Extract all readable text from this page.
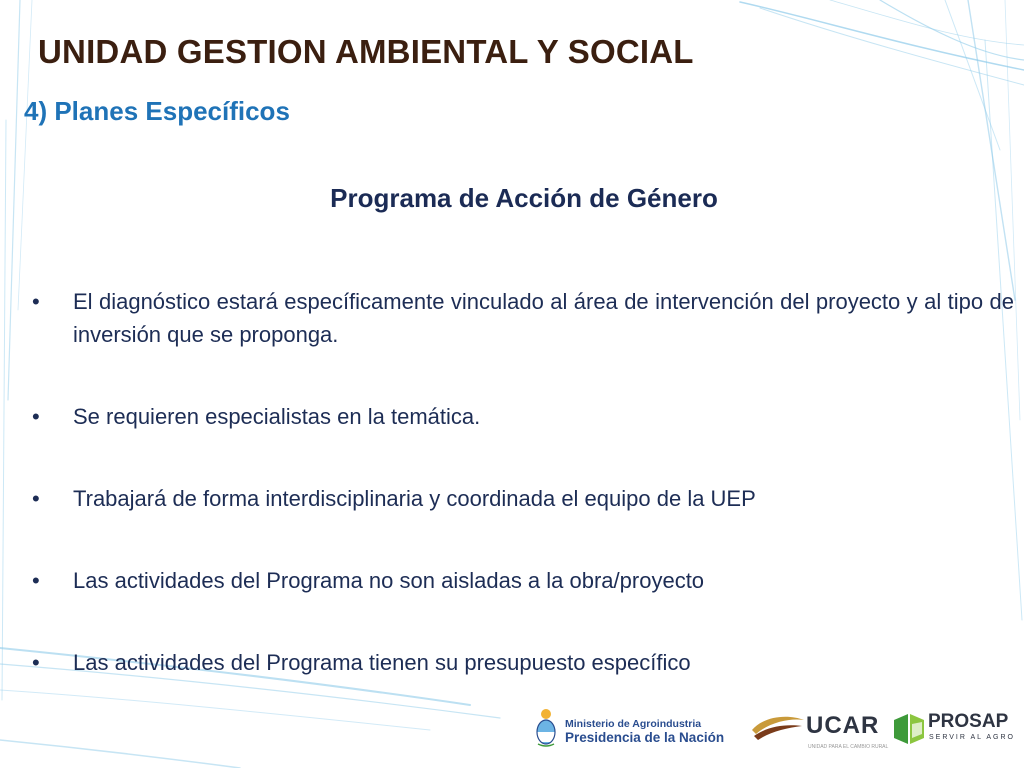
UNIDAD GESTION AMBIENTAL Y SOCIAL
4) Planes Específicos
Programa de Acción de Género
• El diagnóstico estará específicamente vinculado al área de intervención del proyecto y al tipo de inversión que se proponga.
• Se requieren especialistas en la temática.
• Trabajará de forma interdisciplinaria y coordinada el equipo de la UEP
• Las actividades del Programa no son aisladas a la obra/proyecto
• Las actividades del Programa tienen su presupuesto específico
Ministerio de Agroindustria
Presidencia de la Nación	UCAR
UNIDAD PARA EL CAMBIO RURAL
PROSAP
SERVIR AL AGRO
